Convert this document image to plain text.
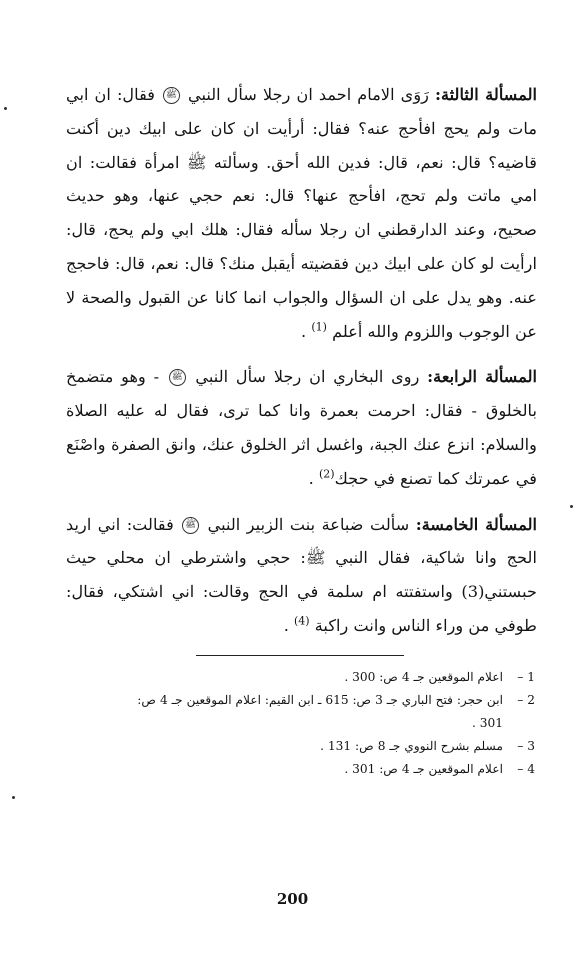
المسألة الثالثة: رَوَى الامام احمد ان رجلا سأل النبي ﷺ فقال: ان ابي مات ولم يحج افأحج عنه؟ فقال: أرأيت ان كان على ابيك دين أكنت قاضيه؟ قال: نعم، قال: فدين الله أحق. وسألته ﷺ امرأة فقالت: ان امي ماتت ولم تحج، افأحج عنها؟ قال: نعم حجي عنها، وهو حديث صحيح، وعند الدارقطني ان رجلا سأله فقال: هلك ابي ولم يحج، قال: ارأيت لو كان على ابيك دين فقضيته أيقبل منك؟ قال: نعم، قال: فاحجج عنه. وهو يدل على ان السؤال والجواب انما كانا عن القبول والصحة لا عن الوجوب واللزوم والله أعلم $^{(1)}$ .

المسألة الرابعة: روى البخاري ان رجلا سأل النبي ﷺ - وهو متضمخ بالخلوق - فقال: احرمت بعمرة وانا كما ترى، فقال له عليه الصلاة والسلام: انزع عنك الجبة، واغسل اثر الخلوق عنك، وانق الصفرة واصْنَع في عمرتك كما تصنع في حجك$^{(2)}$ .

المسألة الخامسة: سألت ضباعة بنت الزبير النبي ﷺ فقالت: اني اريد الحج وانا شاكية، فقال النبي ﷺ: حجي واشترطي ان محلي حيث حبستني(3) واستفتته ام سلمة في الحج وقالت: اني اشتكي، فقال: طوفي من وراء الناس وانت راكبة $^{(4)}$ .

1 –
اعلام الموقعين جـ 4 ص: 300 .
2 –
ابن حجر: فتح الباري جـ 3 ص: 615 ـ ابن القيم: اعلام الموقعين جـ 4 ص: 301 .
3 –
مسلم بشرح النووي جـ 8 ص: 131 .
4 –
اعلام الموقعين جـ 4 ص: 301 .
200
